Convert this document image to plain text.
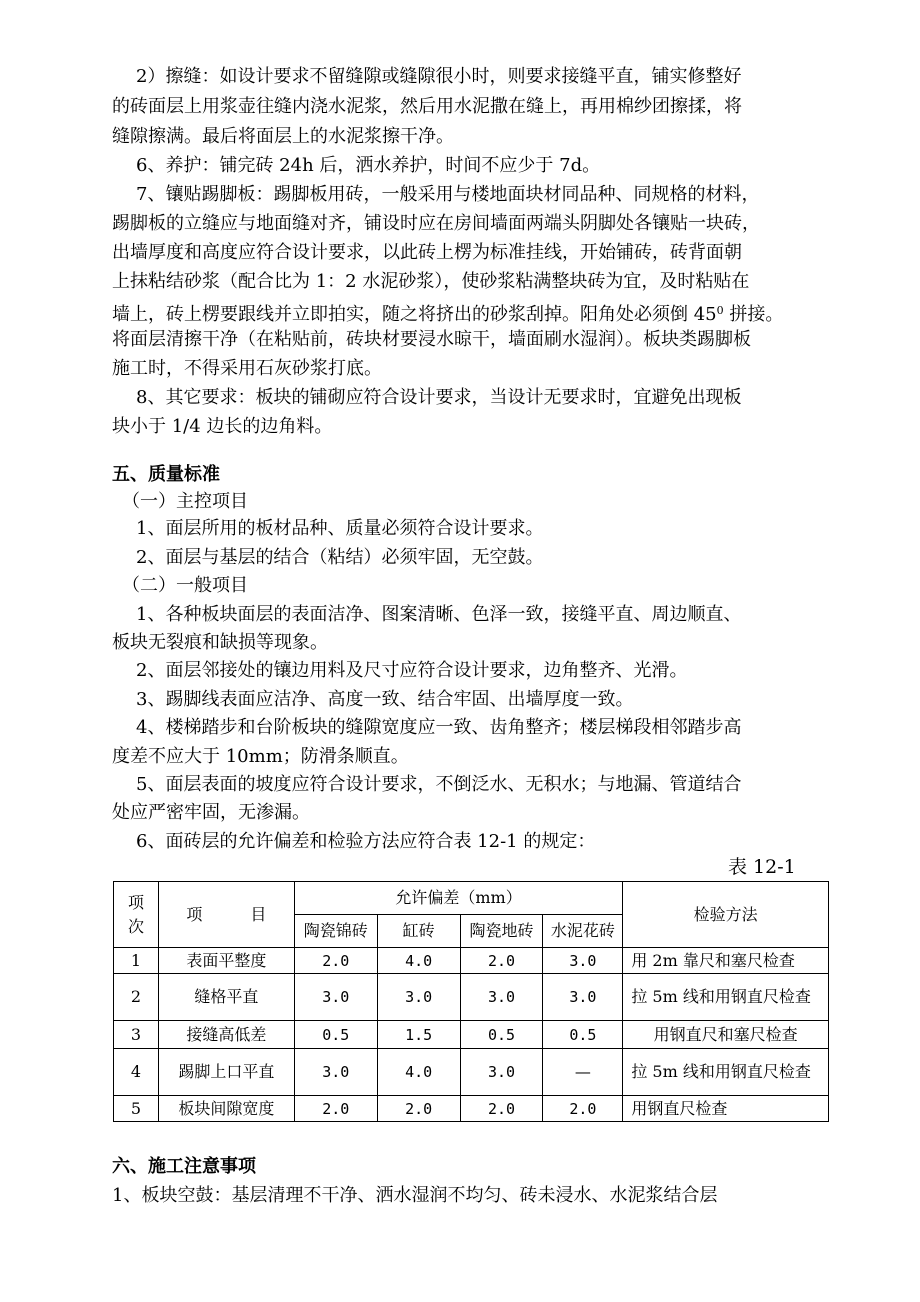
2）擦缝：如设计要求不留缝隙或缝隙很小时，则要求接缝平直，铺实修整好
的砖面层上用浆壶往缝内浇水泥浆，然后用水泥撒在缝上，再用棉纱团擦揉，将
缝隙擦满。最后将面层上的水泥浆擦干净。
6、养护：铺完砖 24h 后，洒水养护，时间不应少于 7d。
7、镶贴踢脚板：踢脚板用砖，一般采用与楼地面块材同品种、同规格的材料，
踢脚板的立缝应与地面缝对齐，铺设时应在房间墙面两端头阴脚处各镶贴一块砖，
出墙厚度和高度应符合设计要求，以此砖上楞为标准挂线，开始铺砖，砖背面朝
上抹粘结砂浆（配合比为 1：2 水泥砂浆），使砂浆粘满整块砖为宜，及时粘贴在
墙上，砖上楞要跟线并立即拍实，随之将挤出的砂浆刮掉。阳角处必须倒 $45^0$ 拼接。
将面层清擦干净（在粘贴前，砖块材要浸水晾干，墙面刷水湿润）。板块类踢脚板
施工时，不得采用石灰砂浆打底。
8、其它要求：板块的铺砌应符合设计要求，当设计无要求时，宜避免出现板
块小于 1/4 边长的边角料。
五、质量标准
（一）主控项目
1、面层所用的板材品种、质量必须符合设计要求。
2、面层与基层的结合（粘结）必须牢固，无空鼓。
（二）一般项目
1、各种板块面层的表面洁净、图案清晰、色泽一致，接缝平直、周边顺直、
板块无裂痕和缺损等现象。
2、面层邻接处的镶边用料及尺寸应符合设计要求，边角整齐、光滑。
3、踢脚线表面应洁净、高度一致、结合牢固、出墙厚度一致。
4、楼梯踏步和台阶板块的缝隙宽度应一致、齿角整齐；楼层梯段相邻踏步高
度差不应大于 10mm；防滑条顺直。
5、面层表面的坡度应符合设计要求，不倒泛水、无积水；与地漏、管道结合
处应严密牢固，无渗漏。
6、面砖层的允许偏差和检验方法应符合表 12-1 的规定：
表 12-1
项次	项　　　目	允许偏差（mm）				检验方法
		陶瓷锦砖	缸砖	陶瓷地砖	水泥花砖	
1	表面平整度	2.0	4.0	2.0	3.0	用 2m 靠尺和塞尺检查
2	缝格平直	3.0	3.0	3.0	3.0	拉 5m 线和用钢直尺检查
3	接缝高低差	0.5	1.5	0.5	0.5	用钢直尺和塞尺检查
4	踢脚上口平直	3.0	4.0	3.0	—	拉 5m 线和用钢直尺检查
5	板块间隙宽度	2.0	2.0	2.0	2.0	用钢直尺检查
六、施工注意事项
1、板块空鼓：基层清理不干净、洒水湿润不均匀、砖未浸水、水泥浆结合层
